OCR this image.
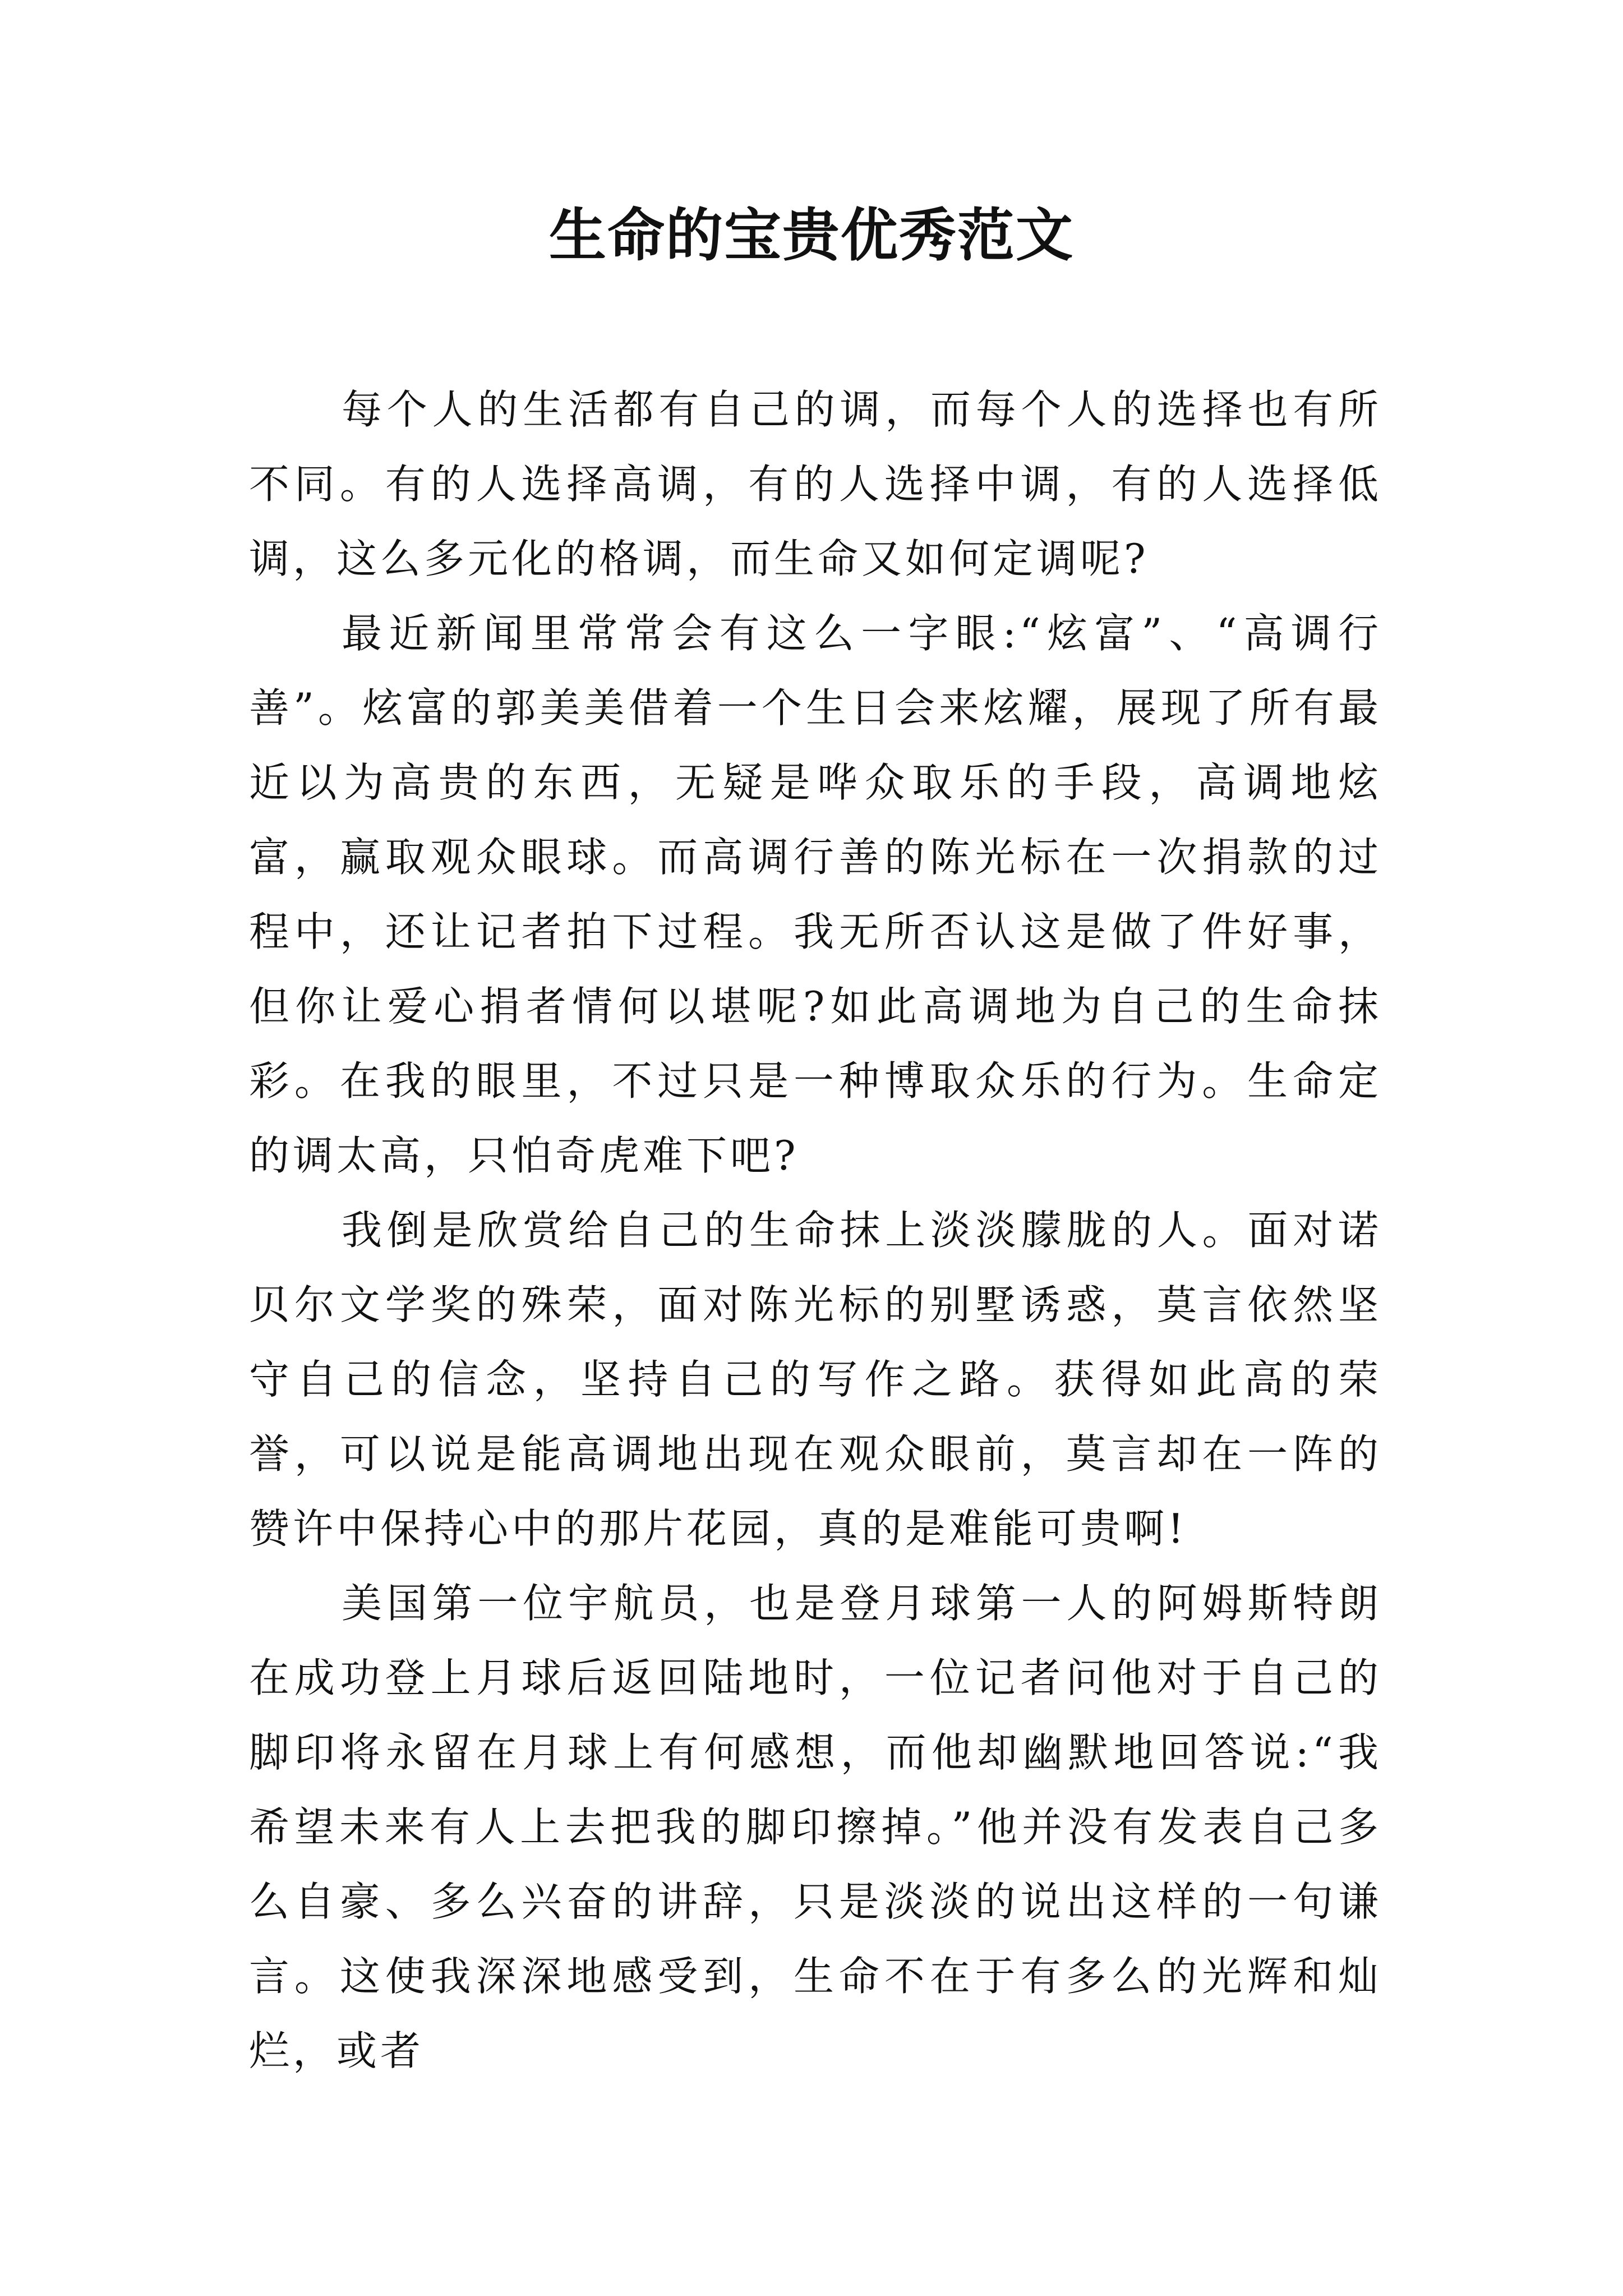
生命的宝贵优秀范文

每个人的生活都有自己的调，而每个人的选择也有所不同。有的人选择高调，有的人选择中调，有的人选择低调，这么多元化的格调，而生命又如何定调呢?

最近新闻里常常会有这么一字眼:“炫富”、“高调行善”。炫富的郭美美借着一个生日会来炫耀，展现了所有最近以为高贵的东西，无疑是哗众取乐的手段，高调地炫富，赢取观众眼球。而高调行善的陈光标在一次捐款的过程中，还让记者拍下过程。我无所否认这是做了件好事，但你让爱心捐者情何以堪呢?如此高调地为自己的生命抹彩。在我的眼里，不过只是一种博取众乐的行为。生命定的调太高，只怕奇虎难下吧?

我倒是欣赏给自己的生命抹上淡淡朦胧的人。面对诺贝尔文学奖的殊荣，面对陈光标的别墅诱惑，莫言依然坚守自己的信念，坚持自己的写作之路。获得如此高的荣誉，可以说是能高调地出现在观众眼前，莫言却在一阵的赞许中保持心中的那片花园，真的是难能可贵啊!

美国第一位宇航员，也是登月球第一人的阿姆斯特朗在成功登上月球后返回陆地时，一位记者问他对于自己的脚印将永留在月球上有何感想，而他却幽默地回答说:“我希望未来有人上去把我的脚印擦掉。”他并没有发表自己多么自豪、多么兴奋的讲辞，只是淡淡的说出这样的一句谦言。这使我深深地感受到，生命不在于有多么的光辉和灿烂，或者
